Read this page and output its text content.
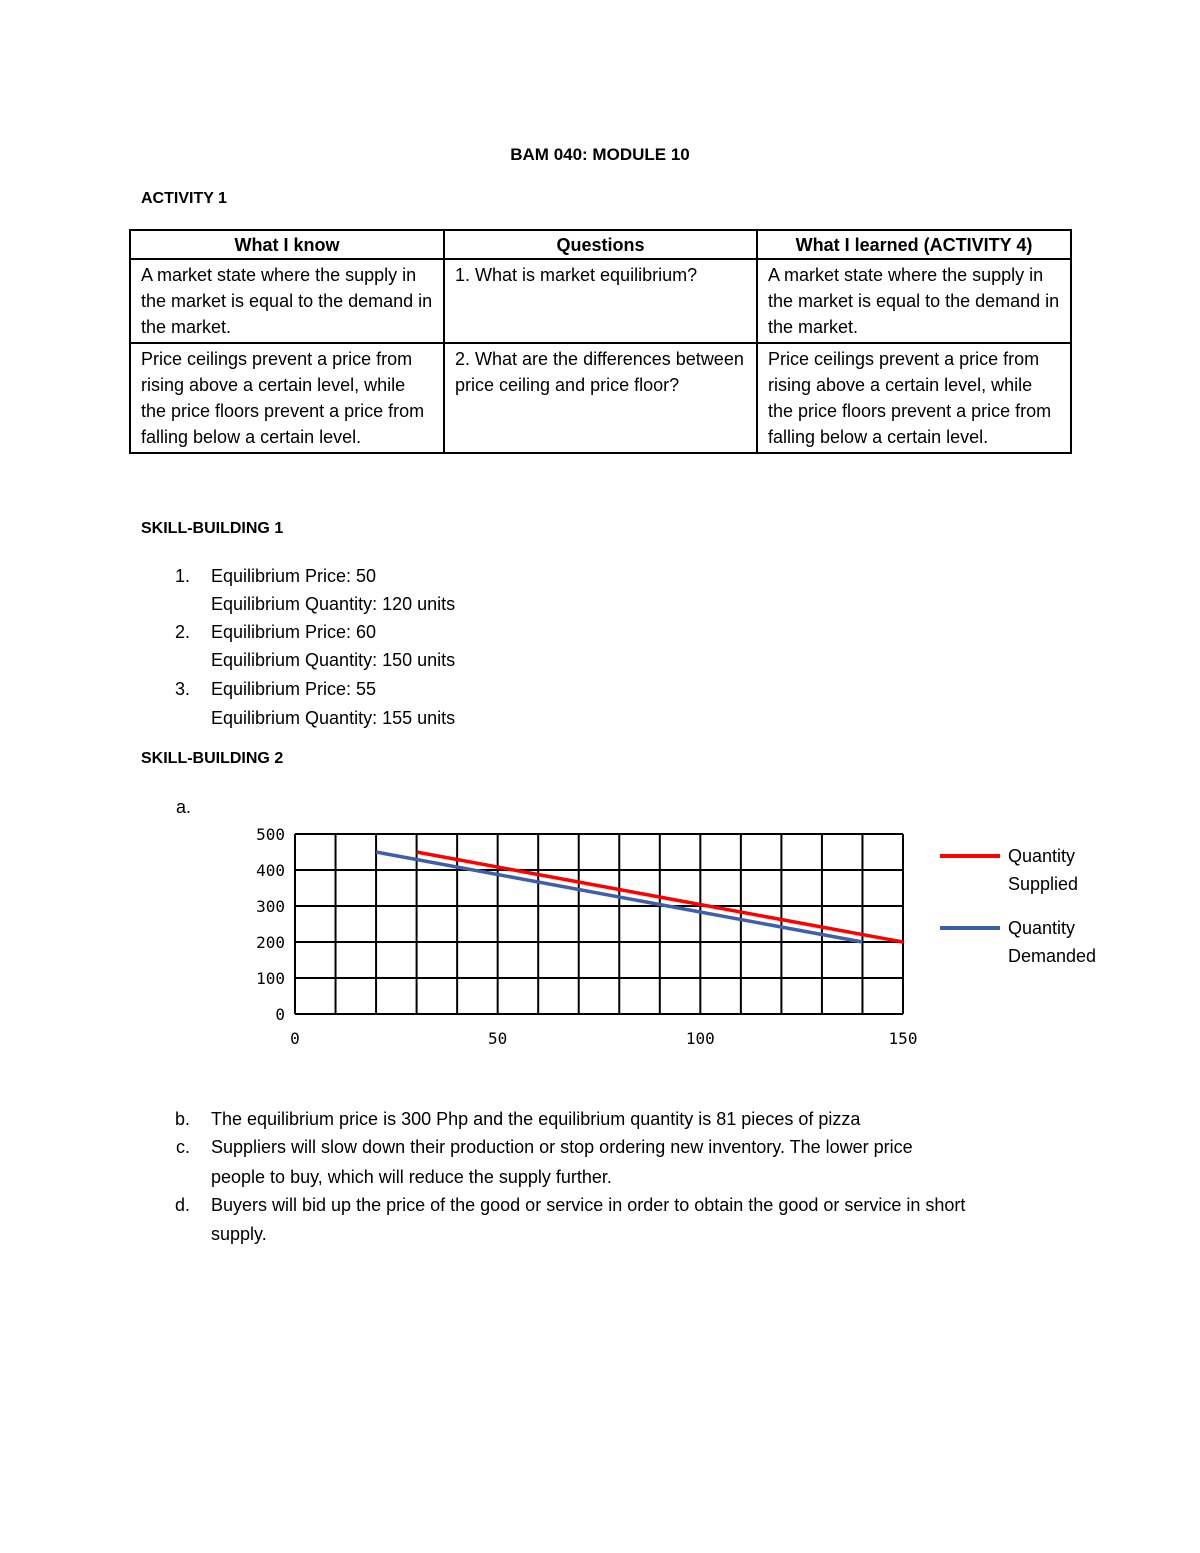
BAM 040: MODULE 10
ACTIVITY 1
What I know	Questions	What I learned (ACTIVITY 4)
A market state where the supply in the market is equal to the demand in the market.	1. What is market equilibrium?	A market state where the supply in the market is equal to the demand in the market.
Price ceilings prevent a price from rising above a certain level, while the price floors prevent a price from falling below a certain level.	2. What are the differences between price ceiling and price floor?	Price ceilings prevent a price from rising above a certain level, while the price floors prevent a price from falling below a certain level.
SKILL-BUILDING 1
1. Equilibrium Price: 50
Equilibrium Quantity: 120 units
2. Equilibrium Price: 60
Equilibrium Quantity: 150 units
3. Equilibrium Price: 55
Equilibrium Quantity: 155 units
SKILL-BUILDING 2
a.
500
400
300
200
100
0
0	50	100	150
Quantity
Supplied
Quantity
Demanded
b. The equilibrium price is 300 Php and the equilibrium quantity is 81 pieces of pizza
c. Suppliers will slow down their production or stop ordering new inventory. The lower price
people to buy, which will reduce the supply further.
d. Buyers will bid up the price of the good or service in order to obtain the good or service in short
supply.
